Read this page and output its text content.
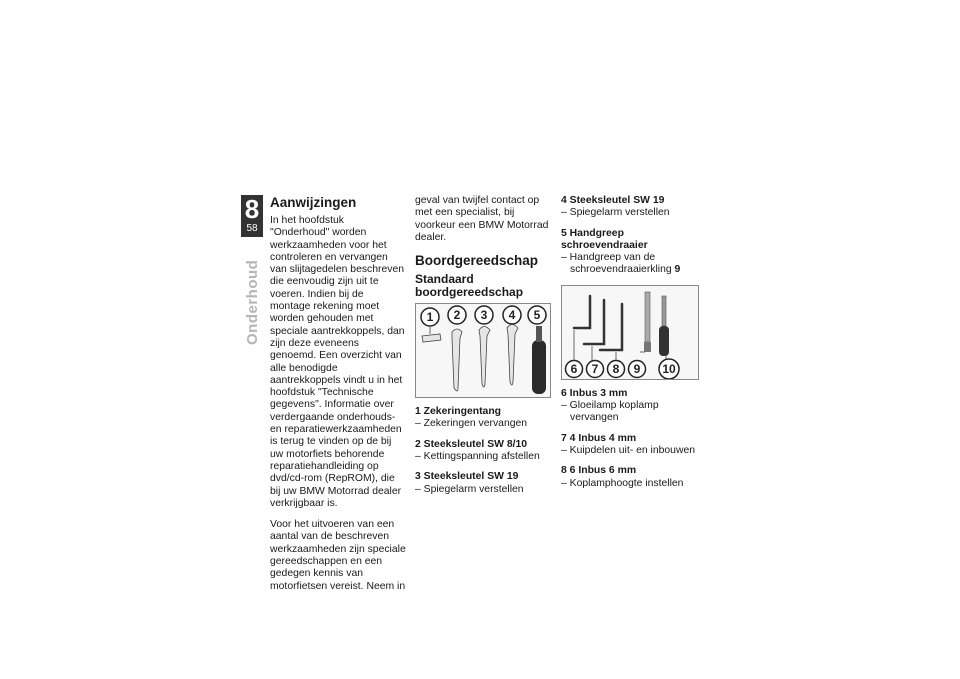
8
58
Onderhoud
Aanwijzingen

In het hoofdstuk "Onderhoud" worden werkzaamheden voor het controleren en vervangen van slijtagedelen beschreven die eenvoudig zijn uit te voeren. Indien bij de montage rekening moet worden gehouden met speciale aantrekkoppels, dan zijn deze eveneens genoemd. Een overzicht van alle benodigde aantrekkoppels vindt u in het hoofdstuk "Technische gegevens". Informatie over verdergaande onderhouds- en reparatiewerkzaamheden is terug te vinden op de bij uw motorfiets behorende reparatiehandleiding op dvd/cd-rom (RepROM), die bij uw BMW Motorrad dealer verkrijgbaar is.

Voor het uitvoeren van een aantal van de beschreven werkzaamheden zijn speciale gereedschappen en een gedegen kennis van motorfietsen vereist. Neem in

geval van twijfel contact op met een specialist, bij voorkeur een BMW Motorrad dealer.

Boordgereedschap
Standaard boordgereedschap
1 2 3 4 5

1 Zekeringentang

– Zekeringen vervangen

2 Steeksleutel SW 8/10

– Kettingspanning afstellen

3 Steeksleutel SW 19

– Spiegelarm verstellen

4 Steeksleutel SW 19

– Spiegelarm verstellen

5 Handgreep schroevendraaier

– Handgreep van de schroevendraaierkling 9

6 7 8 9 10

6 Inbus 3 mm

– Gloeilamp koplamp vervangen

7 4 Inbus 4 mm

– Kuipdelen uit- en inbouwen

8 6 Inbus 6 mm

– Koplamphoogte instellen
